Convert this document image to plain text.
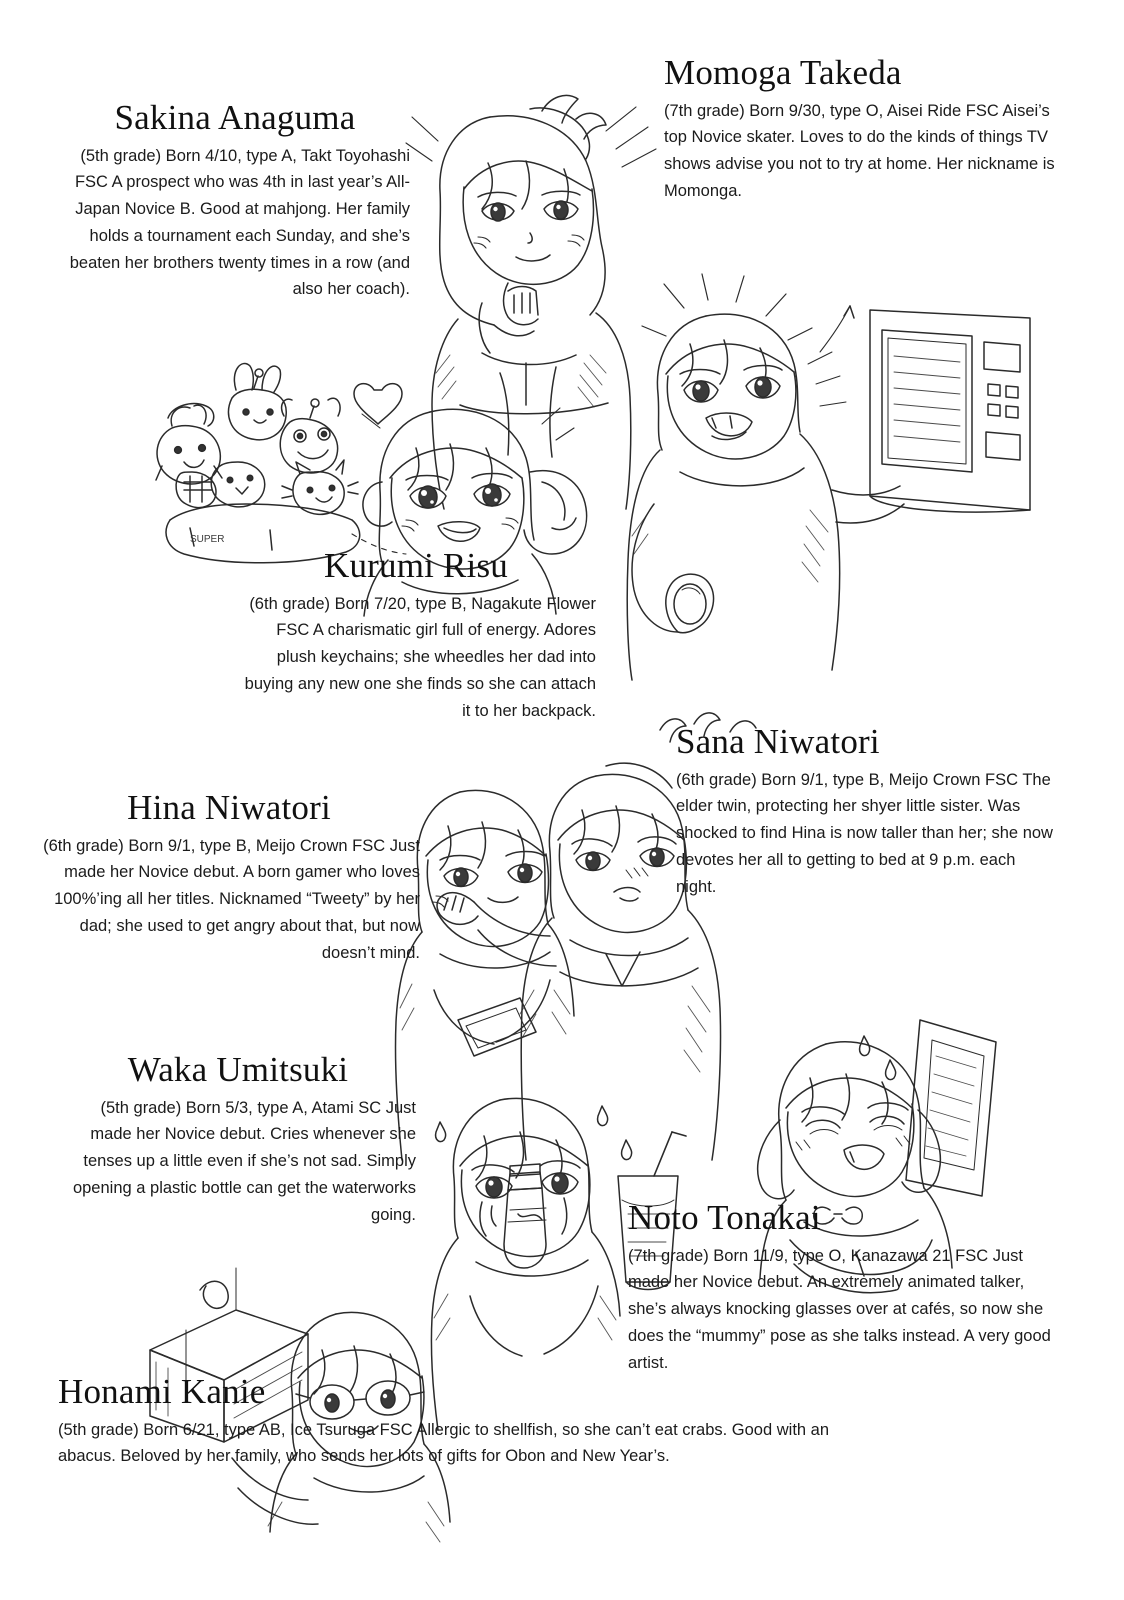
SUPER
Sakina Anaguma

(5th grade) Born 4/10, type A, Takt Toyohashi FSC A prospect who was 4th in last year’s All-Japan Novice B. Good at mahjong. Her family holds a tournament each Sunday, and she’s beaten her brothers twenty times in a row (and also her coach).

Momoga Takeda

(7th grade) Born 9/30, type O, Aisei Ride FSC Aisei’s top Novice skater. Loves to do the kinds of things TV shows advise you not to try at home. Her nickname is Momonga.

Kurumi Risu

(6th grade) Born 7/20, type B, Nagakute Flower FSC A charismatic girl full of energy. Adores plush keychains; she wheedles her dad into buying any new one she finds so she can attach it to her backpack.

Sana Niwatori

(6th grade) Born 9/1, type B, Meijo Crown FSC The elder twin, protecting her shyer little sister. Was shocked to find Hina is now taller than her; she now devotes her all to getting to bed at 9 p.m. each night.

Hina Niwatori

(6th grade) Born 9/1, type B, Meijo Crown FSC Just made her Novice debut. A born gamer who loves 100%’ing all her titles. Nicknamed “Tweety” by her dad; she used to get angry about that, but now doesn’t mind.

Waka Umitsuki

(5th grade) Born 5/3, type A, Atami SC Just made her Novice debut. Cries whenever she tenses up a little even if she’s not sad. Simply opening a plastic bottle can get the waterworks going.	Noto Tonakai

(7th grade) Born 11/9, type O, Kanazawa 21 FSC Just made her Novice debut. An extremely animated talker, she’s always knocking glasses over at cafés, so now she does the “mummy” pose as she talks instead. A very good artist.

Honami Kanie

(5th grade) Born 6/21, type AB, Ice Tsuruga FSC Allergic to shellfish, so she can’t eat crabs. Good with an abacus. Beloved by her family, who sends her lots of gifts for Obon and New Year’s.
